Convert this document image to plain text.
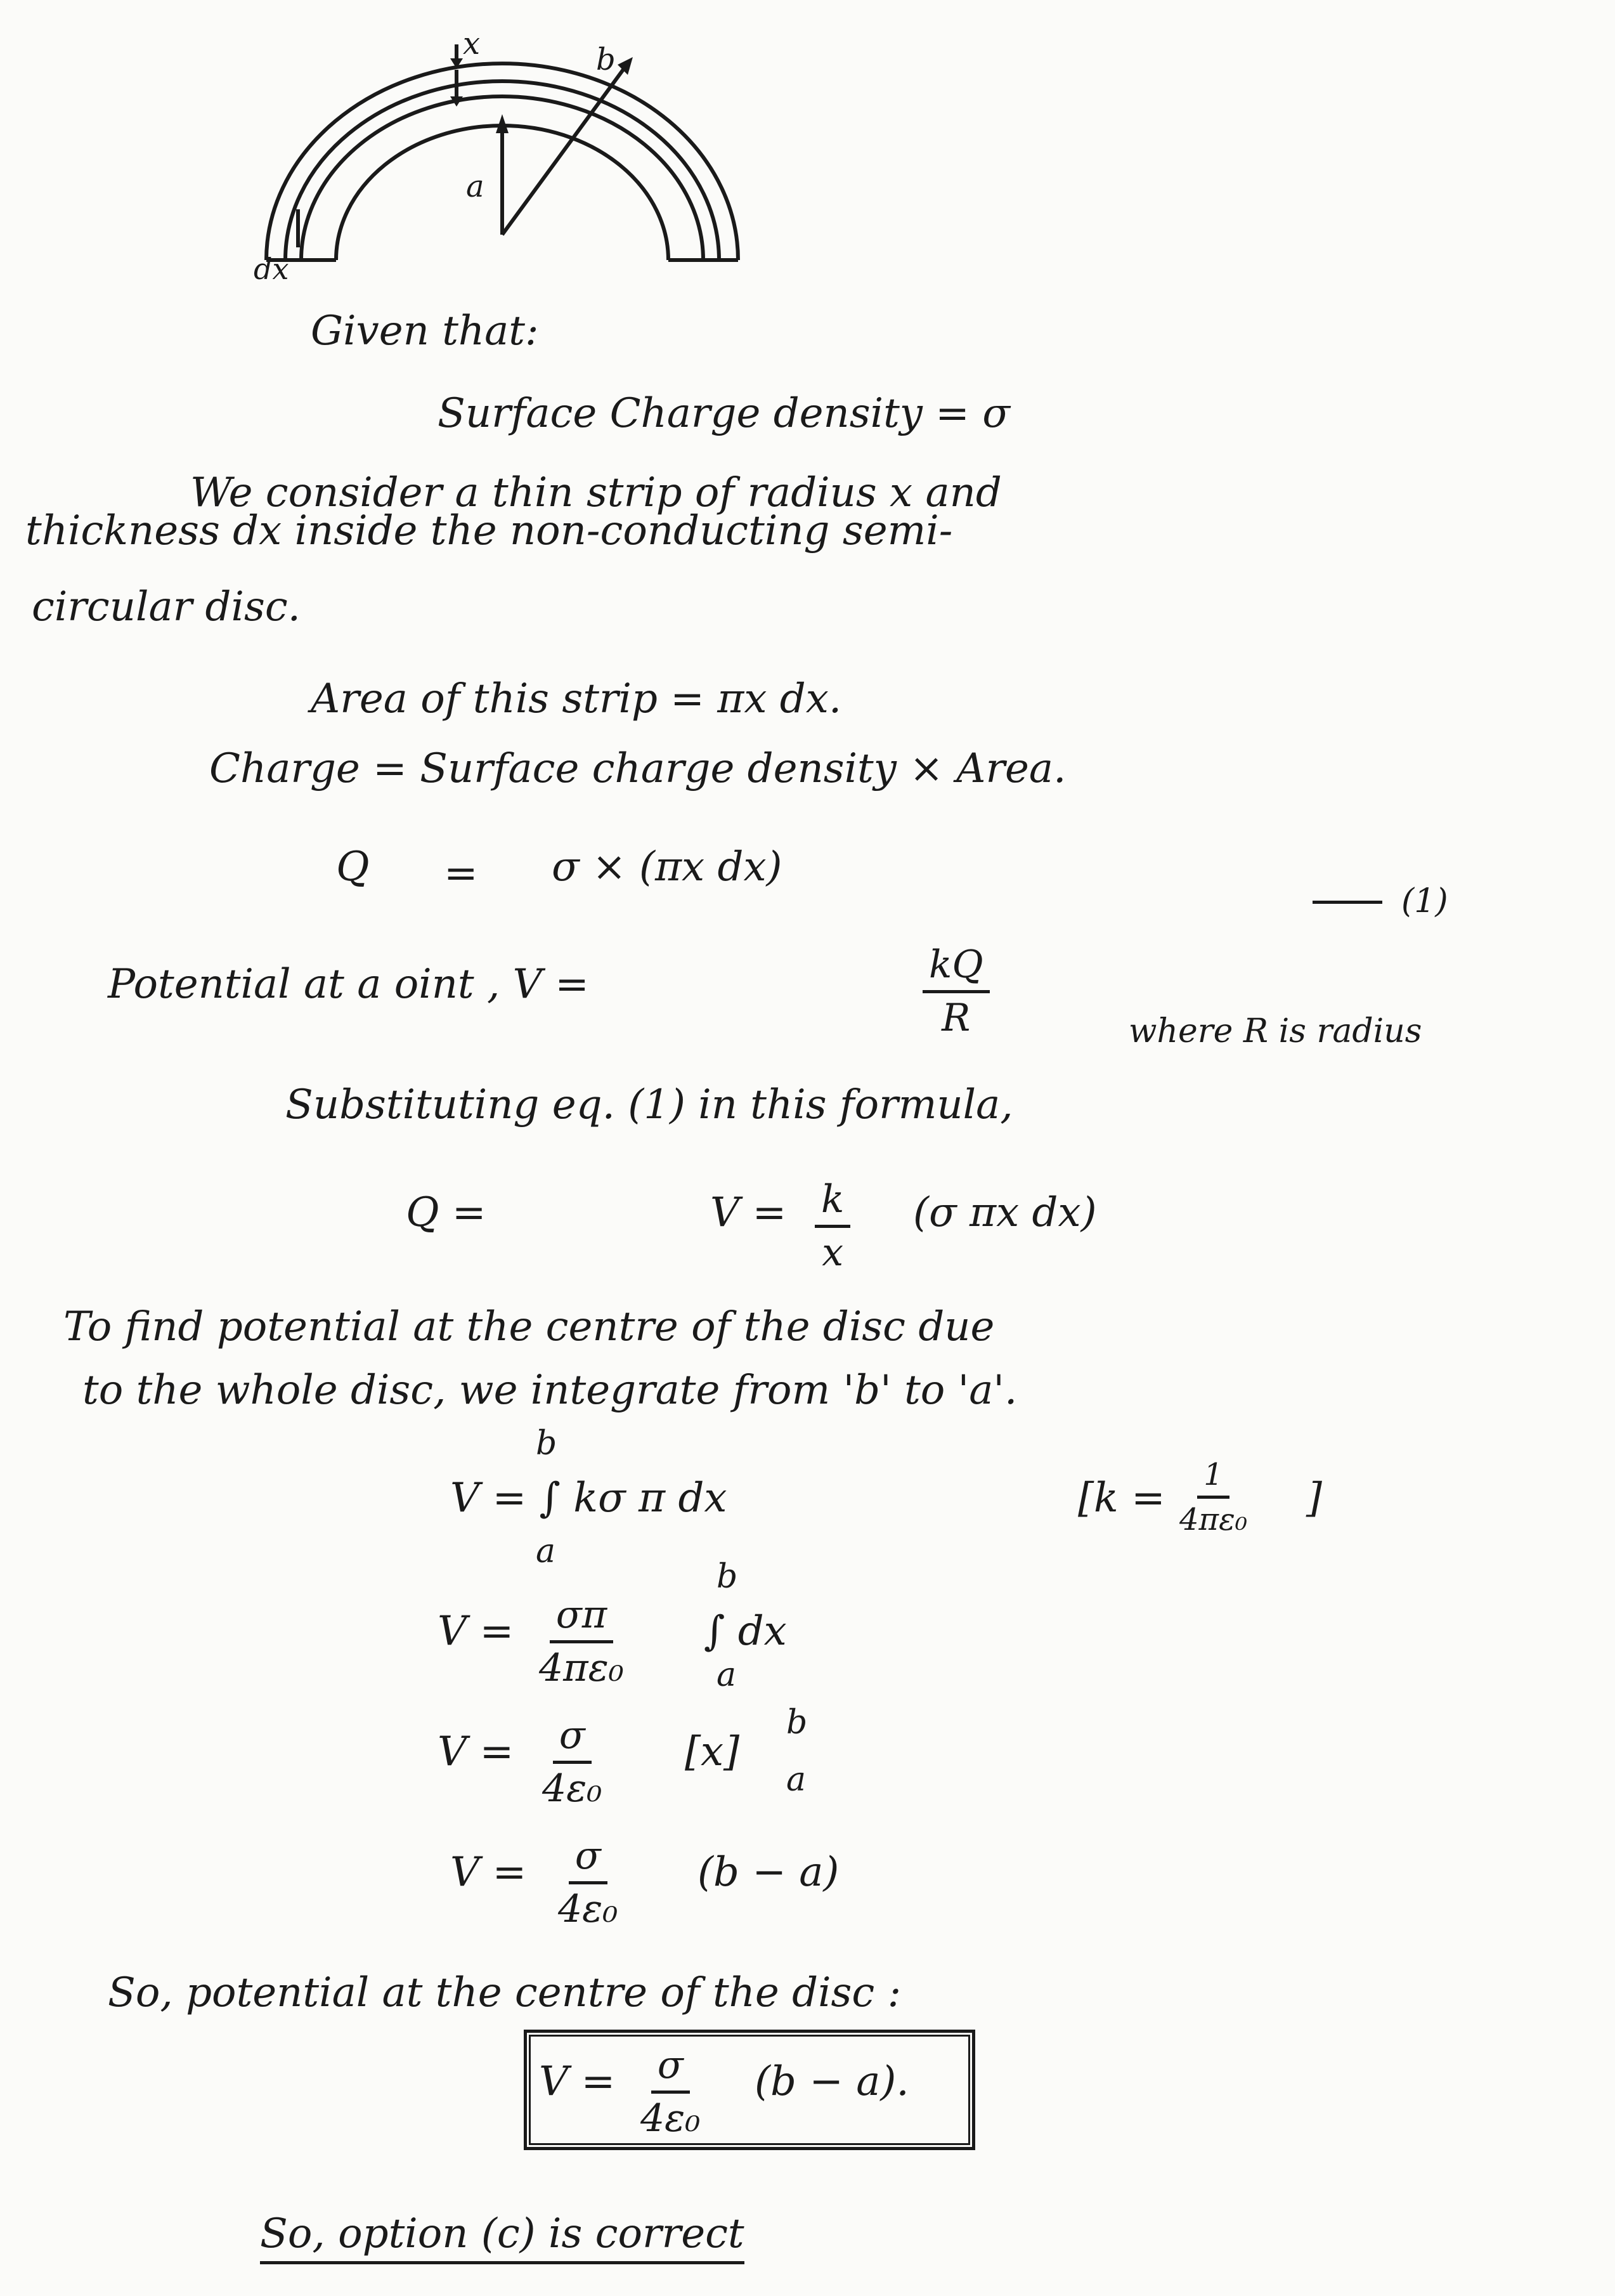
x	b
a
dx
Given that:
Surface Charge density = σ
We consider a thin strip of radius x and
thickness dx inside the non-conducting semi-
circular disc.
Area of this strip = πx dx.
Charge = Surface charge density × Area.
Q = σ × (πx dx)
(1)
Potential at a oint , V =	$\frac{kQ}{R}$	where R is radius
Substituting eq. (1) in this formula,
Q =	$V = \frac{k}{x} (\sigma$ πx dx)
To find potential at the centre of the disc due
to the whole disc, we integrate from 'b' to 'a'.
b
V = ∫ kσ π dx
a
[$k = \frac{1}{\text{4πε₀}}$ ]
$V = \frac{\sigma\pi}{\text{4πε₀}}$
b
∫ dx
a
$V = \frac{\sigma}{\text{4ε₀}} [x]$
b
a
$V = \frac{\sigma}{\text{4ε₀}} (b - a)$
So, potential at the centre of the disc :
$V = \frac{\sigma}{\text{4ε₀}} (b - a)$.
So, option (c) is correct
